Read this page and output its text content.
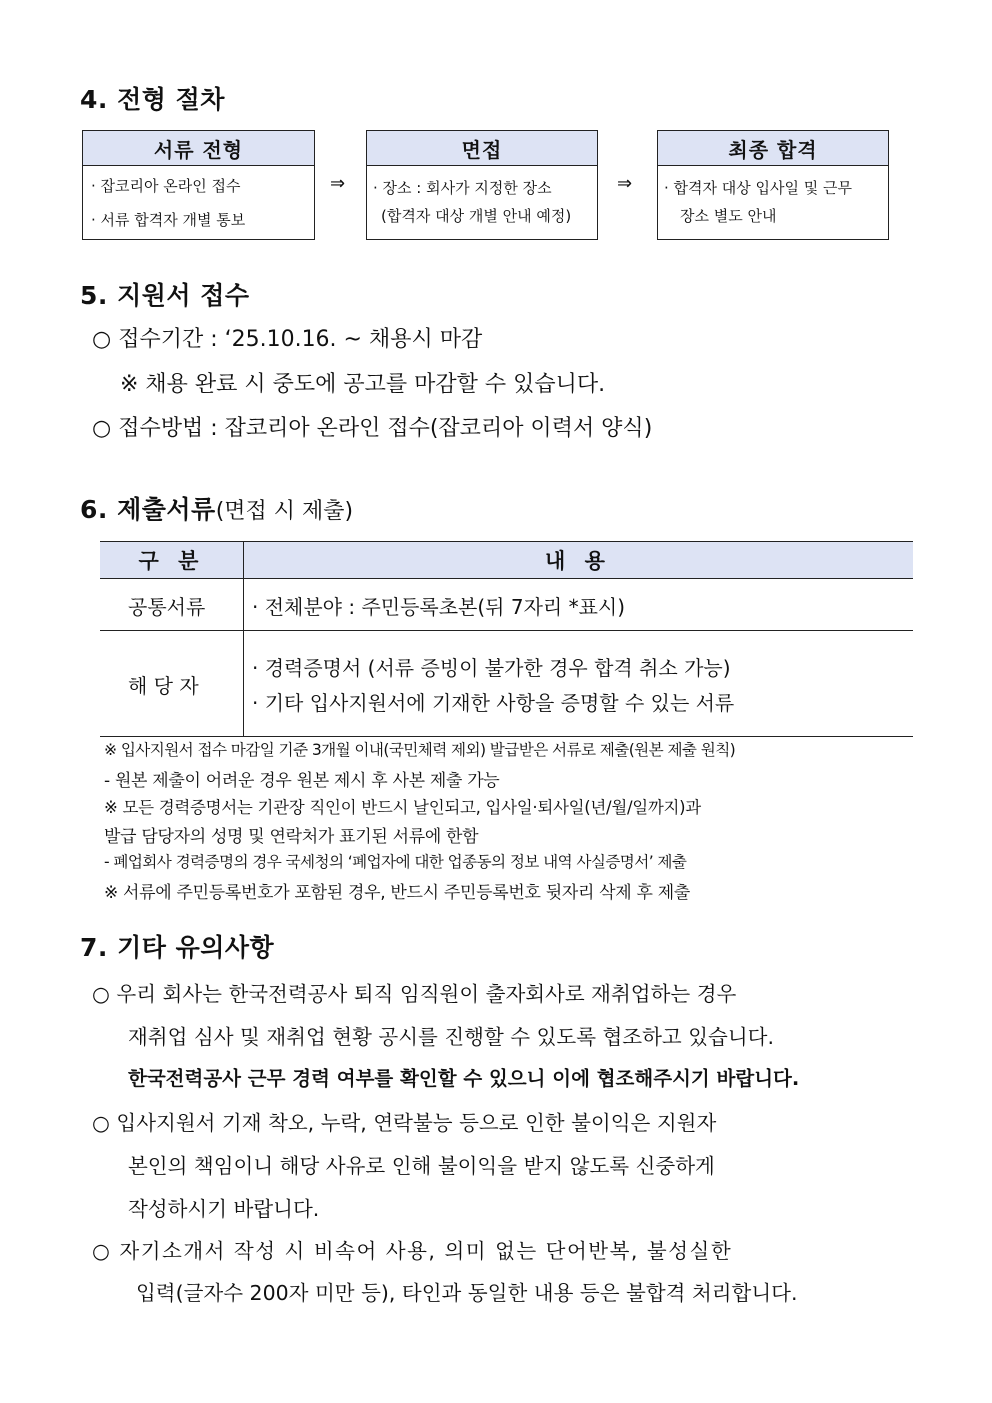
4. 전형 절차
서류 전형
· 잡코리아 온라인 접수
· 서류 합격자 개별 통보
⇒
면접
· 장소 : 회사가 지정한 장소
(합격자 대상 개별 안내 예정)
⇒
최종 합격
· 합격자 대상 입사일 및 근무
장소 별도 안내
5. 지원서 접수
○ 접수기간 : ‘25.10.16. ~ 채용시 마감
※ 채용 완료 시 중도에 공고를 마감할 수 있습니다.
○ 접수방법 : 잡코리아 온라인 접수(잡코리아 이력서 양식)
6. 제출서류(면접 시 제출)
구 분	내 용
공통서류 · 전체분야 : 주민등록초본(뒤 7자리 *표시)
해 당 자
· 경력증명서 (서류 증빙이 불가한 경우 합격 취소 가능)
· 기타 입사지원서에 기재한 사항을 증명할 수 있는 서류
※ 입사지원서 접수 마감일 기준 3개월 이내(국민체력 제외) 발급받은 서류로 제출(원본 제출 원칙)
- 원본 제출이 어려운 경우 원본 제시 후 사본 제출 가능
※ 모든 경력증명서는 기관장 직인이 반드시 날인되고, 입사일·퇴사일(년/월/일까지)과
발급 담당자의 성명 및 연락처가 표기된 서류에 한함
- 폐업회사 경력증명의 경우 국세청의 ‘폐업자에 대한 업종동의 정보 내역 사실증명서’ 제출
※ 서류에 주민등록번호가 포함된 경우, 반드시 주민등록번호 뒷자리 삭제 후 제출
7. 기타 유의사항
○ 우리 회사는 한국전력공사 퇴직 임직원이 출자회사로 재취업하는 경우
재취업 심사 및 재취업 현황 공시를 진행할 수 있도록 협조하고 있습니다.
한국전력공사 근무 경력 여부를 확인할 수 있으니 이에 협조해주시기 바랍니다.
○ 입사지원서 기재 착오, 누락, 연락불능 등으로 인한 불이익은 지원자
본인의 책임이니 해당 사유로 인해 불이익을 받지 않도록 신중하게
작성하시기 바랍니다.
○ 자기소개서 작성 시 비속어 사용, 의미 없는 단어반복, 불성실한
입력(글자수 200자 미만 등), 타인과 동일한 내용 등은 불합격 처리합니다.
